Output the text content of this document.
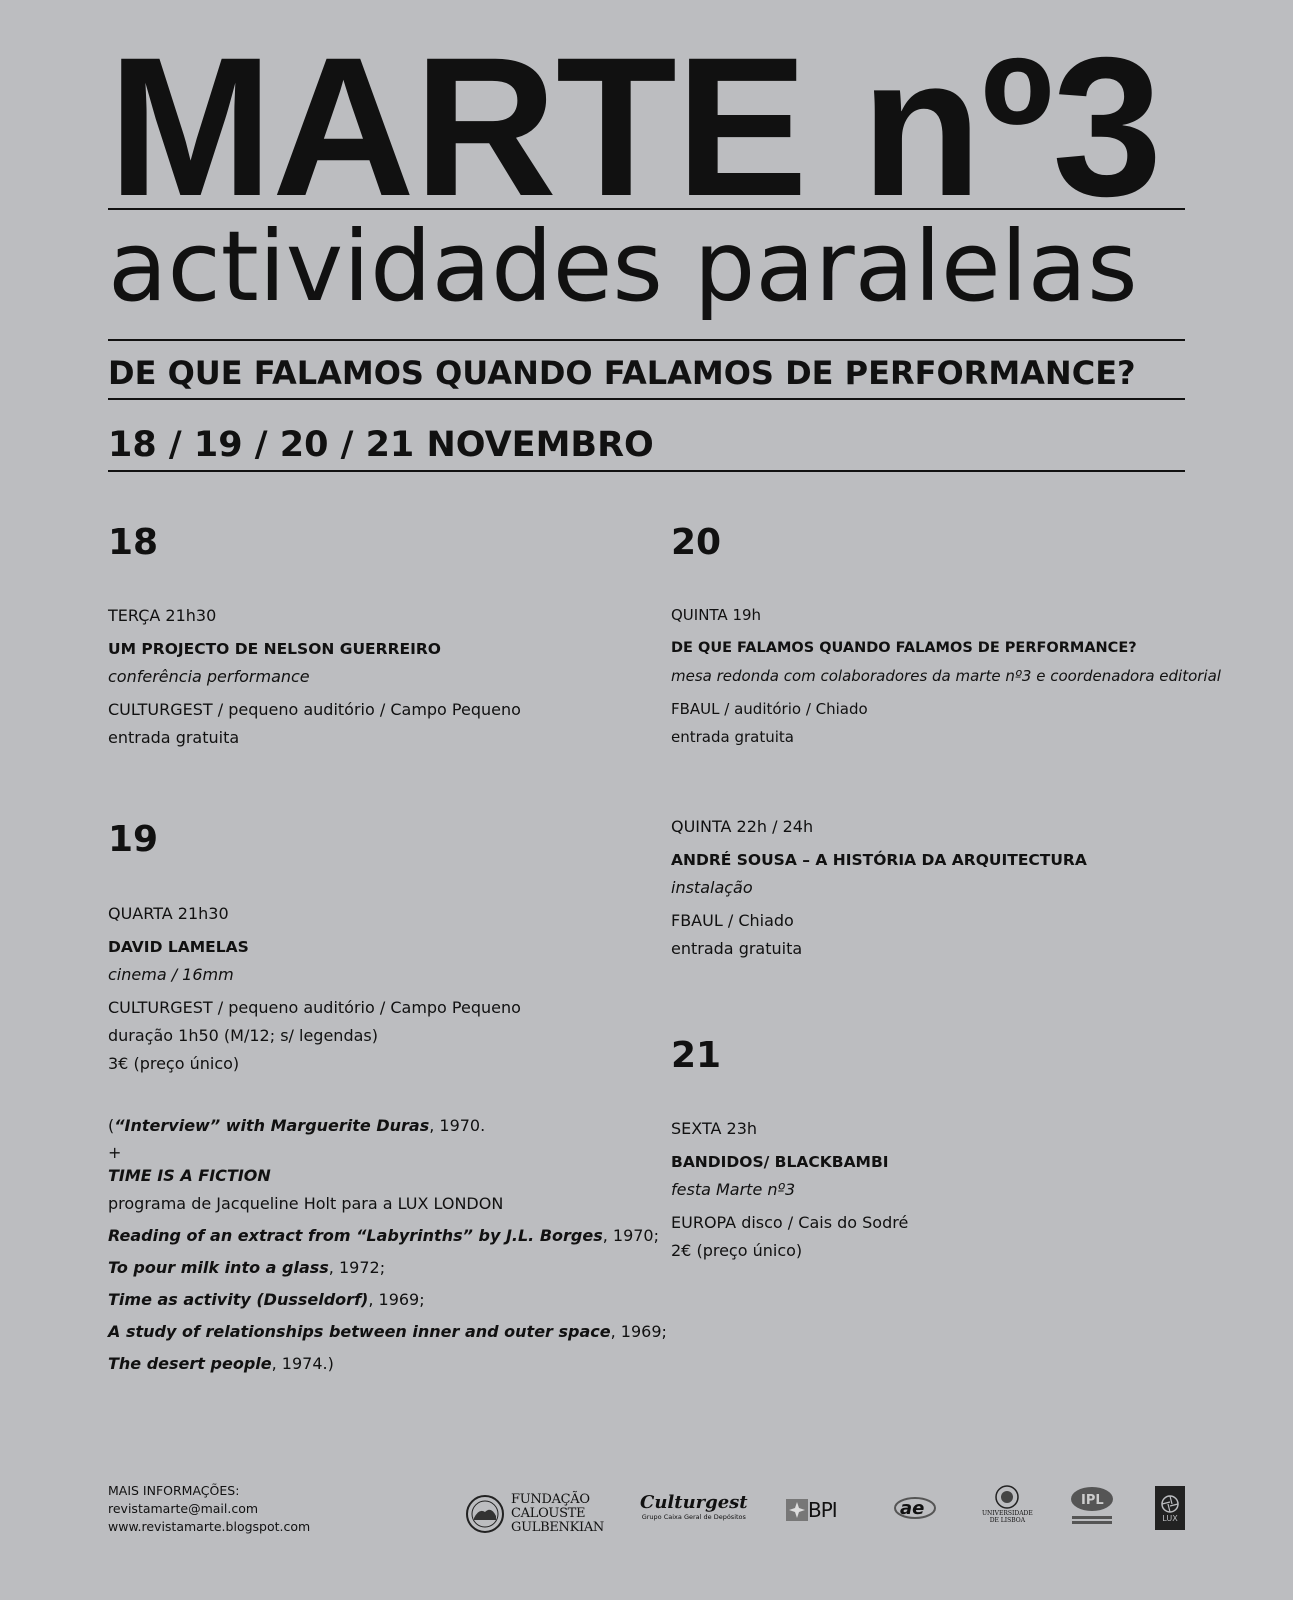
MARTE nº3
actividades paralelas
DE QUE FALAMOS QUANDO FALAMOS DE PERFORMANCE?
18 / 19 / 20 / 21 NOVEMBRO
18
TERÇA 21h30
UM PROJECTO DE NELSON GUERREIRO
conferência performance
CULTURGEST / pequeno auditório / Campo Pequeno
entrada gratuita
19
QUARTA 21h30
DAVID LAMELAS
cinema / 16mm
CULTURGEST / pequeno auditório / Campo Pequeno
duração 1h50 (M/12; s/ legendas)
3€ (preço único)
(“Interview” with Marguerite Duras, 1970.
+
TIME IS A FICTION
programa de Jacqueline Holt para a LUX LONDON
Reading of an extract from “Labyrinths” by J.L. Borges, 1970;
To pour milk into a glass, 1972;
Time as activity (Dusseldorf), 1969;
A study of relationships between inner and outer space, 1969;
The desert people, 1974.)
20
QUINTA 19h
DE QUE FALAMOS QUANDO FALAMOS DE PERFORMANCE?
mesa redonda com colaboradores da marte nº3 e coordenadora editorial
FBAUL / auditório / Chiado
entrada gratuita
QUINTA 22h / 24h
ANDRÉ SOUSA – A HISTÓRIA DA ARQUITECTURA
instalação
FBAUL / Chiado
entrada gratuita
21
SEXTA 23h
BANDIDOS/ BLACKBAMBI
festa Marte nº3
EUROPA disco / Cais do Sodré
2€ (preço único)
MAIS INFORMAÇÕES:
revistamarte@mail.com
www.revistamarte.blogspot.com
FUNDAÇÃO
CALOUSTE
GULBENKIAN
Culturgest
Grupo Caixa Geral de Depósitos	BPI	ae	UNIVERSIDADE
DE LISBOA
IPL
LUX
